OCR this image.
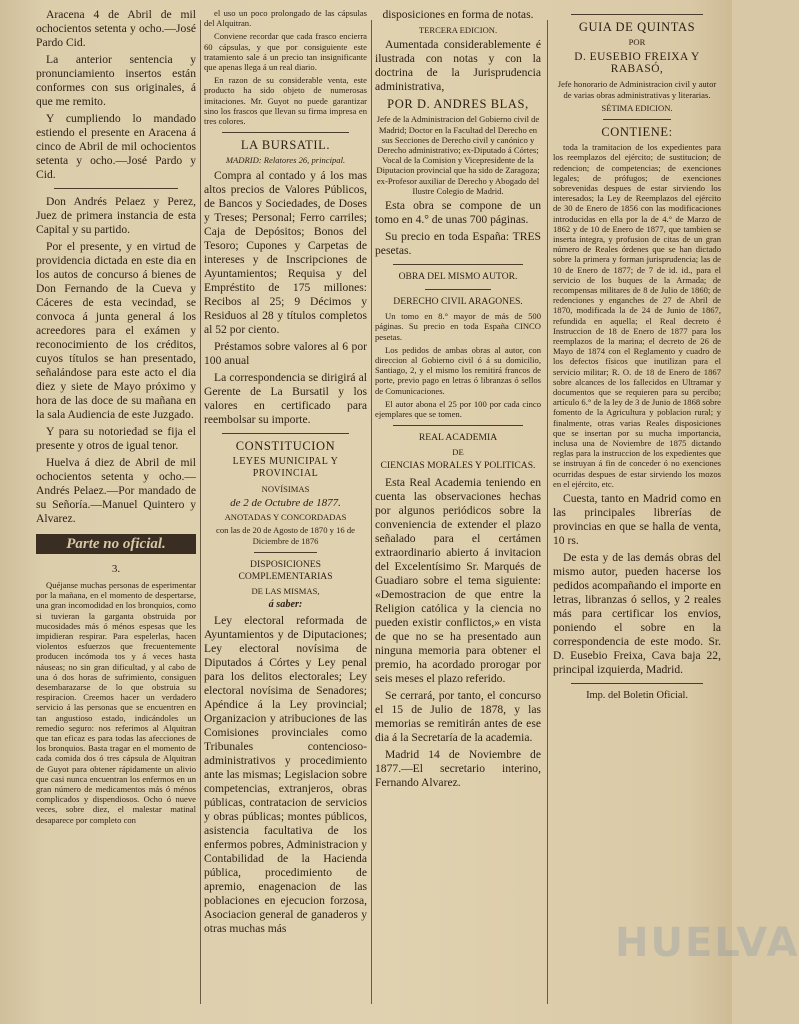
Aracena 4 de Abril de mil ochocientos setenta y ocho.—José Pardo Cid.

La anterior sentencia y pronunciamiento insertos están conformes con sus originales, á que me remito.

Y cumpliendo lo mandado estiendo el presente en Aracena á cinco de Abril de mil ochocientos setenta y ocho.—José Pardo y Cid.

Don Andrés Pelaez y Perez, Juez de primera instancia de esta Capital y su partido.

Por el presente, y en virtud de providencia dictada en este dia en los autos de concurso á bienes de Don Fernando de la Cueva y Cáceres de esta vecindad, se convoca á junta general á los acreedores para el exámen y reconocimiento de los créditos, cuyos títulos se han presentado, señalándose para este acto el dia diez y siete de Mayo próximo y hora de las doce de su mañana en la sala Audiencia de este Juzgado.

Y para su notoriedad se fija el presente y otros de igual tenor.

Huelva á diez de Abril de mil ochocientos setenta y ocho.—Andrés Pelaez.—Por mandado de su Señoría.—Manuel Quintero y Alvarez.

Parte no oficial.

3.

Quéjanse muchas personas de esperimentar por la mañana, en el momento de despertarse, una gran incomodidad en los bronquios, como si tuvieran la garganta obstruida por mucosidades más ó ménos espesas que les impidieran respirar. Para espelerlas, hacen violentos esfuerzos que frecuentemente producen incómoda tos y á veces hasta náuseas; no sin gran dificultad, y al cabo de una ó dos horas de sufrimiento, consiguen desembarazarse de lo que obstruia su respiracion. Creemos hacer un verdadero servicio á las personas que se encuentren en tan angustioso estado, indicándoles un remedio seguro: nos referimos al Alquitran que tan eficaz es para todas las afecciones de los bronquios. Basta tragar en el momento de cada comida dos ó tres cápsula de Alquitran de Guyot para obtener rápidamente un alivio que casi nunca encuentran los enfermos en un gran número de medicamentos más ó ménos complicados y dispendiosos. Ocho ó nueve veces, sobre diez, el malestar matinal desaparece por completo con

el uso un poco prolongado de las cápsulas del Alquitran.

Conviene recordar que cada frasco encierra 60 cápsulas, y que por consiguiente este tratamiento sale á un precio tan insignificante que apenas llega á un real diario.

En razon de su considerable venta, este producto ha sido objeto de numerosas imitaciones. Mr. Guyot no puede garantizar sino los frascos que llevan su firma impresa en tres colores.

LA BURSATIL.

MADRID: Relatores 26, principal.

Compra al contado y á los mas altos precios de Valores Públicos, de Bancos y Sociedades, de Doses y Treses; Personal; Ferro carriles; Caja de Depósitos; Bonos del Tesoro; Cupones y Carpetas de intereses y de Inscripciones de Ayuntamientos; Requisa y del Empréstito de 175 millones: Recibos al 25; 9 Décimos y Residuos al 28 y títulos completos al 52 por ciento.

Préstamos sobre valores al 6 por 100 anual

La correspondencia se dirigirá al Gerente de La Bursatil y los valores en certificado para reembolsar su importe.

CONSTITUCION

LEYES MUNICIPAL Y PROVINCIAL

NOVÍSIMAS

de 2 de Octubre de 1877.

ANOTADAS Y CONCORDADAS

con las de 20 de Agosto de 1870 y 16 de Diciembre de 1876

DISPOSICIONES COMPLEMENTARIAS

DE LAS MISMAS,

á saber:

Ley electoral reformada de Ayuntamientos y de Diputaciones; Ley electoral novísima de Diputados á Córtes y Ley penal para los delitos electorales; Ley electoral novísima de Senadores; Apéndice á la Ley provincial; Organizacion y atribuciones de las Comisiones provinciales como Tribunales contencioso-administrativos y procedimiento ante las mismas; Legislacion sobre competencias, extranjeros, obras públicas, contratacion de servicios y obras públicas; montes públicos, asistencia facultativa de los enfermos pobres, Administracion y Contabilidad de la Hacienda pública, procedimiento de apremio, enagenacion de las poblaciones en ejecucion forzosa, Asociacion general de ganaderos y otras muchas más

disposiciones en forma de notas.

TERCERA EDICION.

Aumentada considerablemente é ilustrada con notas y con la doctrina de la Jurisprudencia administrativa,

POR D. ANDRES BLAS,

Jefe de la Administracion del Gobierno civil de Madrid; Doctor en la Facultad del Derecho en sus Secciones de Derecho civil y canónico y Derecho administrativo; ex-Diputado á Córtes; Vocal de la Comision y Vicepresidente de la Diputacion provincial que ha sido de Zaragoza; ex-Profesor auxiliar de Derecho y Abogado del Ilustre Colegio de Madrid.

Esta obra se compone de un tomo en 4.° de unas 700 páginas.

Su precio en toda España: TRES pesetas.

OBRA DEL MISMO AUTOR.

DERECHO CIVIL ARAGONES.

Un tomo en 8.° mayor de más de 500 páginas. Su precio en toda España CINCO pesetas.

Los pedidos de ambas obras al autor, con direccion al Gobierno civil ó á su domicilio, Santiago, 2, y el mismo los remitirá francos de porte, previo pago en letras ó libranzas ó sellos de Comunicaciones.

El autor abona el 25 por 100 por cada cinco ejemplares que se tomen.

REAL ACADEMIA

DE

CIENCIAS MORALES Y POLITICAS.

Esta Real Academia teniendo en cuenta las observaciones hechas por algunos periódicos sobre la conveniencia de extender el plazo señalado para el certámen extraordinario abierto á invitacion del Excelentísimo Sr. Marqués de Guadiaro sobre el tema siguiente: «Demostracion de que entre la Religion católica y la ciencia no pueden existir conflictos,» en vista de que no se ha presentado aun ninguna memoria para obtener el premio, ha acordado prorogar por seis meses el plazo referido.

Se cerrará, por tanto, el concurso el 15 de Julio de 1878, y las memorias se remitirán antes de ese dia á la Secretaría de la academia.

Madrid 14 de Noviembre de 1877.—El secretario interino, Fernando Alvarez.

GUIA DE QUINTAS

POR

D. EUSEBIO FREIXA Y RABASÓ,

Jefe honorario de Administracion civil y autor de varias obras administrativas y literarias.

SÉTIMA EDICION.

CONTIENE:

toda la tramitacion de los expedientes para los reemplazos del ejército; de sustitucion; de redencion; de competencias; de exenciones legales; de prófugos; de exenciones sobrevenidas despues de estar sirviendo los interesados; la Ley de Reemplazos del ejército de 30 de Enero de 1856 con las modificaciones introducidas en ella por la de 4.° de Marzo de 1862 y de 10 de Enero de 1877, que tambien se inserta íntegra, y profusion de citas de un gran número de Reales órdenes que se han dictado sobre la primera y forman jurisprudencia; las de 10 de Enero de 1877; de 7 de id. id., para el servicio de los buques de la Armada; de recompensas militares de 8 de Julio de 1860; de redenciones y enganches de 27 de Abril de 1870, modificada la de 24 de Junio de 1867, refundida en aquella; el Real decreto é Instruccion de 18 de Enero de 1877 para los reemplazos de la marina; el decreto de 26 de Mayo de 1874 con el Reglamento y cuadro de los defectos físicos que inutilizan para el servicio militar; R. O. de 18 de Enero de 1867 sobre alcances de los fallecidos en Ultramar y documentos que se requieren para su percibo; artículo 6.° de la ley de 3 de Junio de 1868 sobre fomento de la Agricultura y poblacion rural; y finalmente, otras varias Reales disposiciones que se insertan por su mucha importancia, inclusa una de Noviembre de 1875 dictando reglas para la instruccion de los expedientes que se instruyan á fin de conceder ó no exenciones ocurridas despues de estar sirviendo los mozos en el ejército, etc.

Cuesta, tanto en Madrid como en las principales librerías de provincias en que se halla de venta, 10 rs.

De esta y de las demás obras del mismo autor, pueden hacerse los pedidos acompañando el importe en letras, libranzas ó sellos, y 2 reales más para certificar los envios, poniendo el sobre en la correspondencia de este modo. Sr. D. Eusebio Freixa, Cava baja 22, principal izquierda, Madrid.

Imp. del Boletin Oficial.

HUELVA
